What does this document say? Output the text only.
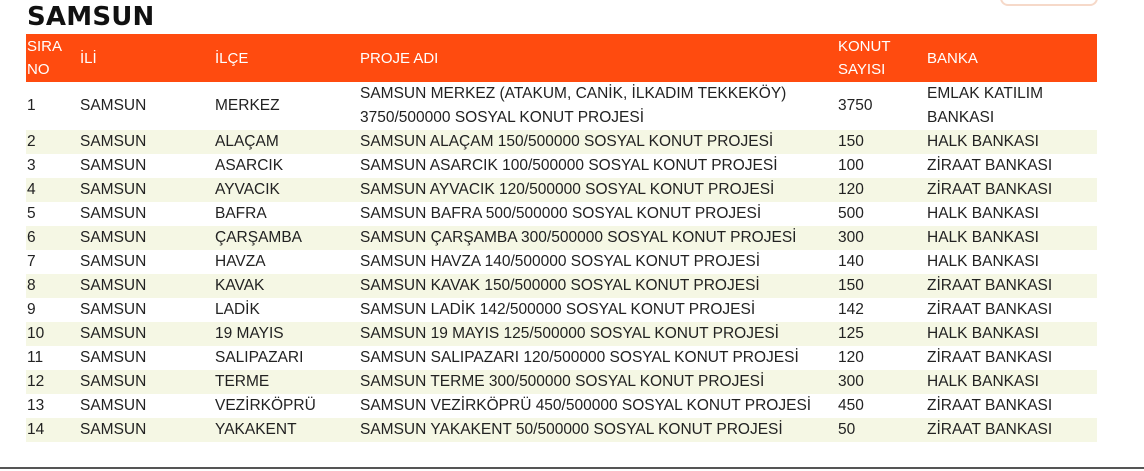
SAMSUN
SIRA NO	İLİ	İLÇE	PROJE ADI	KONUT SAYISI	BANKA
1	SAMSUN	MERKEZ	SAMSUN MERKEZ (ATAKUM, CANİK, İLKADIM TEKKEKÖY) 3750/500000 SOSYAL KONUT PROJESİ	3750	EMLAK KATILIM BANKASI
2	SAMSUN	ALAÇAM	SAMSUN ALAÇAM 150/500000 SOSYAL KONUT PROJESİ	150	HALK BANKASI
3	SAMSUN	ASARCIK	SAMSUN ASARCIK 100/500000 SOSYAL KONUT PROJESİ	100	ZİRAAT BANKASI
4	SAMSUN	AYVACIK	SAMSUN AYVACIK 120/500000 SOSYAL KONUT PROJESİ	120	ZİRAAT BANKASI
5	SAMSUN	BAFRA	SAMSUN BAFRA 500/500000 SOSYAL KONUT PROJESİ	500	HALK BANKASI
6	SAMSUN	ÇARŞAMBA	SAMSUN ÇARŞAMBA 300/500000 SOSYAL KONUT PROJESİ	300	HALK BANKASI
7	SAMSUN	HAVZA	SAMSUN HAVZA 140/500000 SOSYAL KONUT PROJESİ	140	HALK BANKASI
8	SAMSUN	KAVAK	SAMSUN KAVAK 150/500000 SOSYAL KONUT PROJESİ	150	ZİRAAT BANKASI
9	SAMSUN	LADİK	SAMSUN LADİK 142/500000 SOSYAL KONUT PROJESİ	142	ZİRAAT BANKASI
10	SAMSUN	19 MAYIS	SAMSUN 19 MAYIS 125/500000 SOSYAL KONUT PROJESİ	125	HALK BANKASI
11	SAMSUN	SALIPAZARI	SAMSUN SALIPAZARI 120/500000 SOSYAL KONUT PROJESİ	120	ZİRAAT BANKASI
12	SAMSUN	TERME	SAMSUN TERME 300/500000 SOSYAL KONUT PROJESİ	300	HALK BANKASI
13	SAMSUN	VEZİRKÖPRÜ	SAMSUN VEZİRKÖPRÜ 450/500000 SOSYAL KONUT PROJESİ	450	ZİRAAT BANKASI
14	SAMSUN	YAKAKENT	SAMSUN YAKAKENT 50/500000 SOSYAL KONUT PROJESİ	50	ZİRAAT BANKASI
